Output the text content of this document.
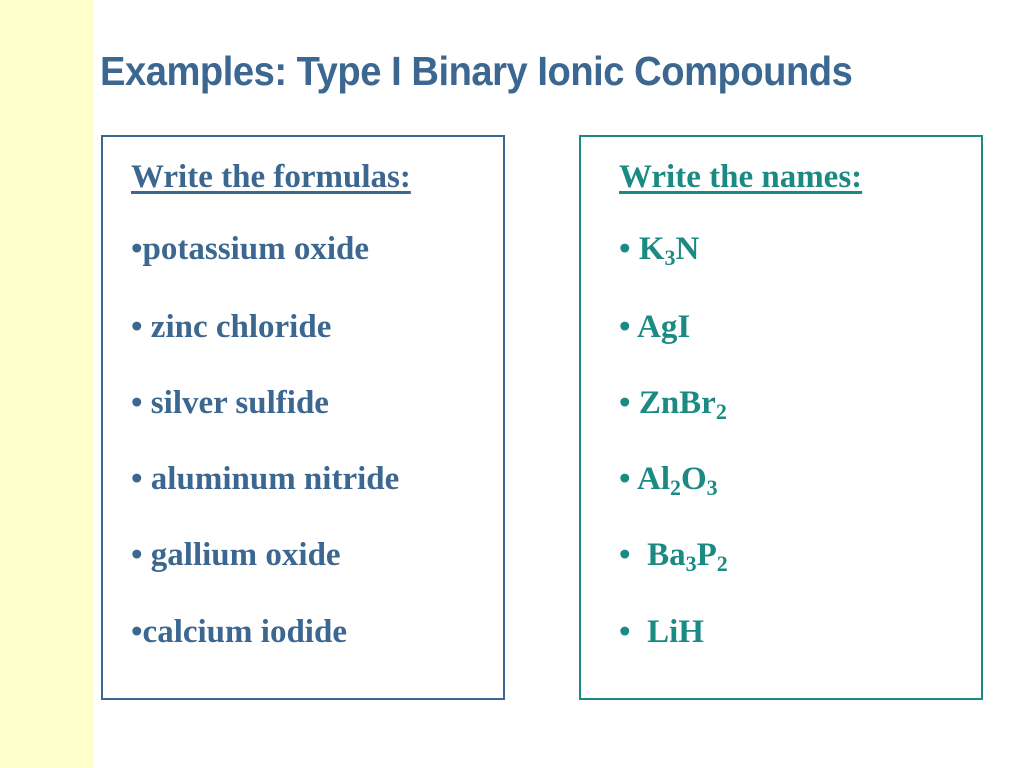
Examples: Type I Binary Ionic Compounds
Write the formulas:
•potassium oxide
• zinc chloride
• silver sulfide
• aluminum nitride
• gallium oxide
•calcium iodide
Write the names:
• $K_3N$
• AgI
• ZnBr$_2$
• $Al_2O_3$
•  $Ba_3P_2$
•  LiH
